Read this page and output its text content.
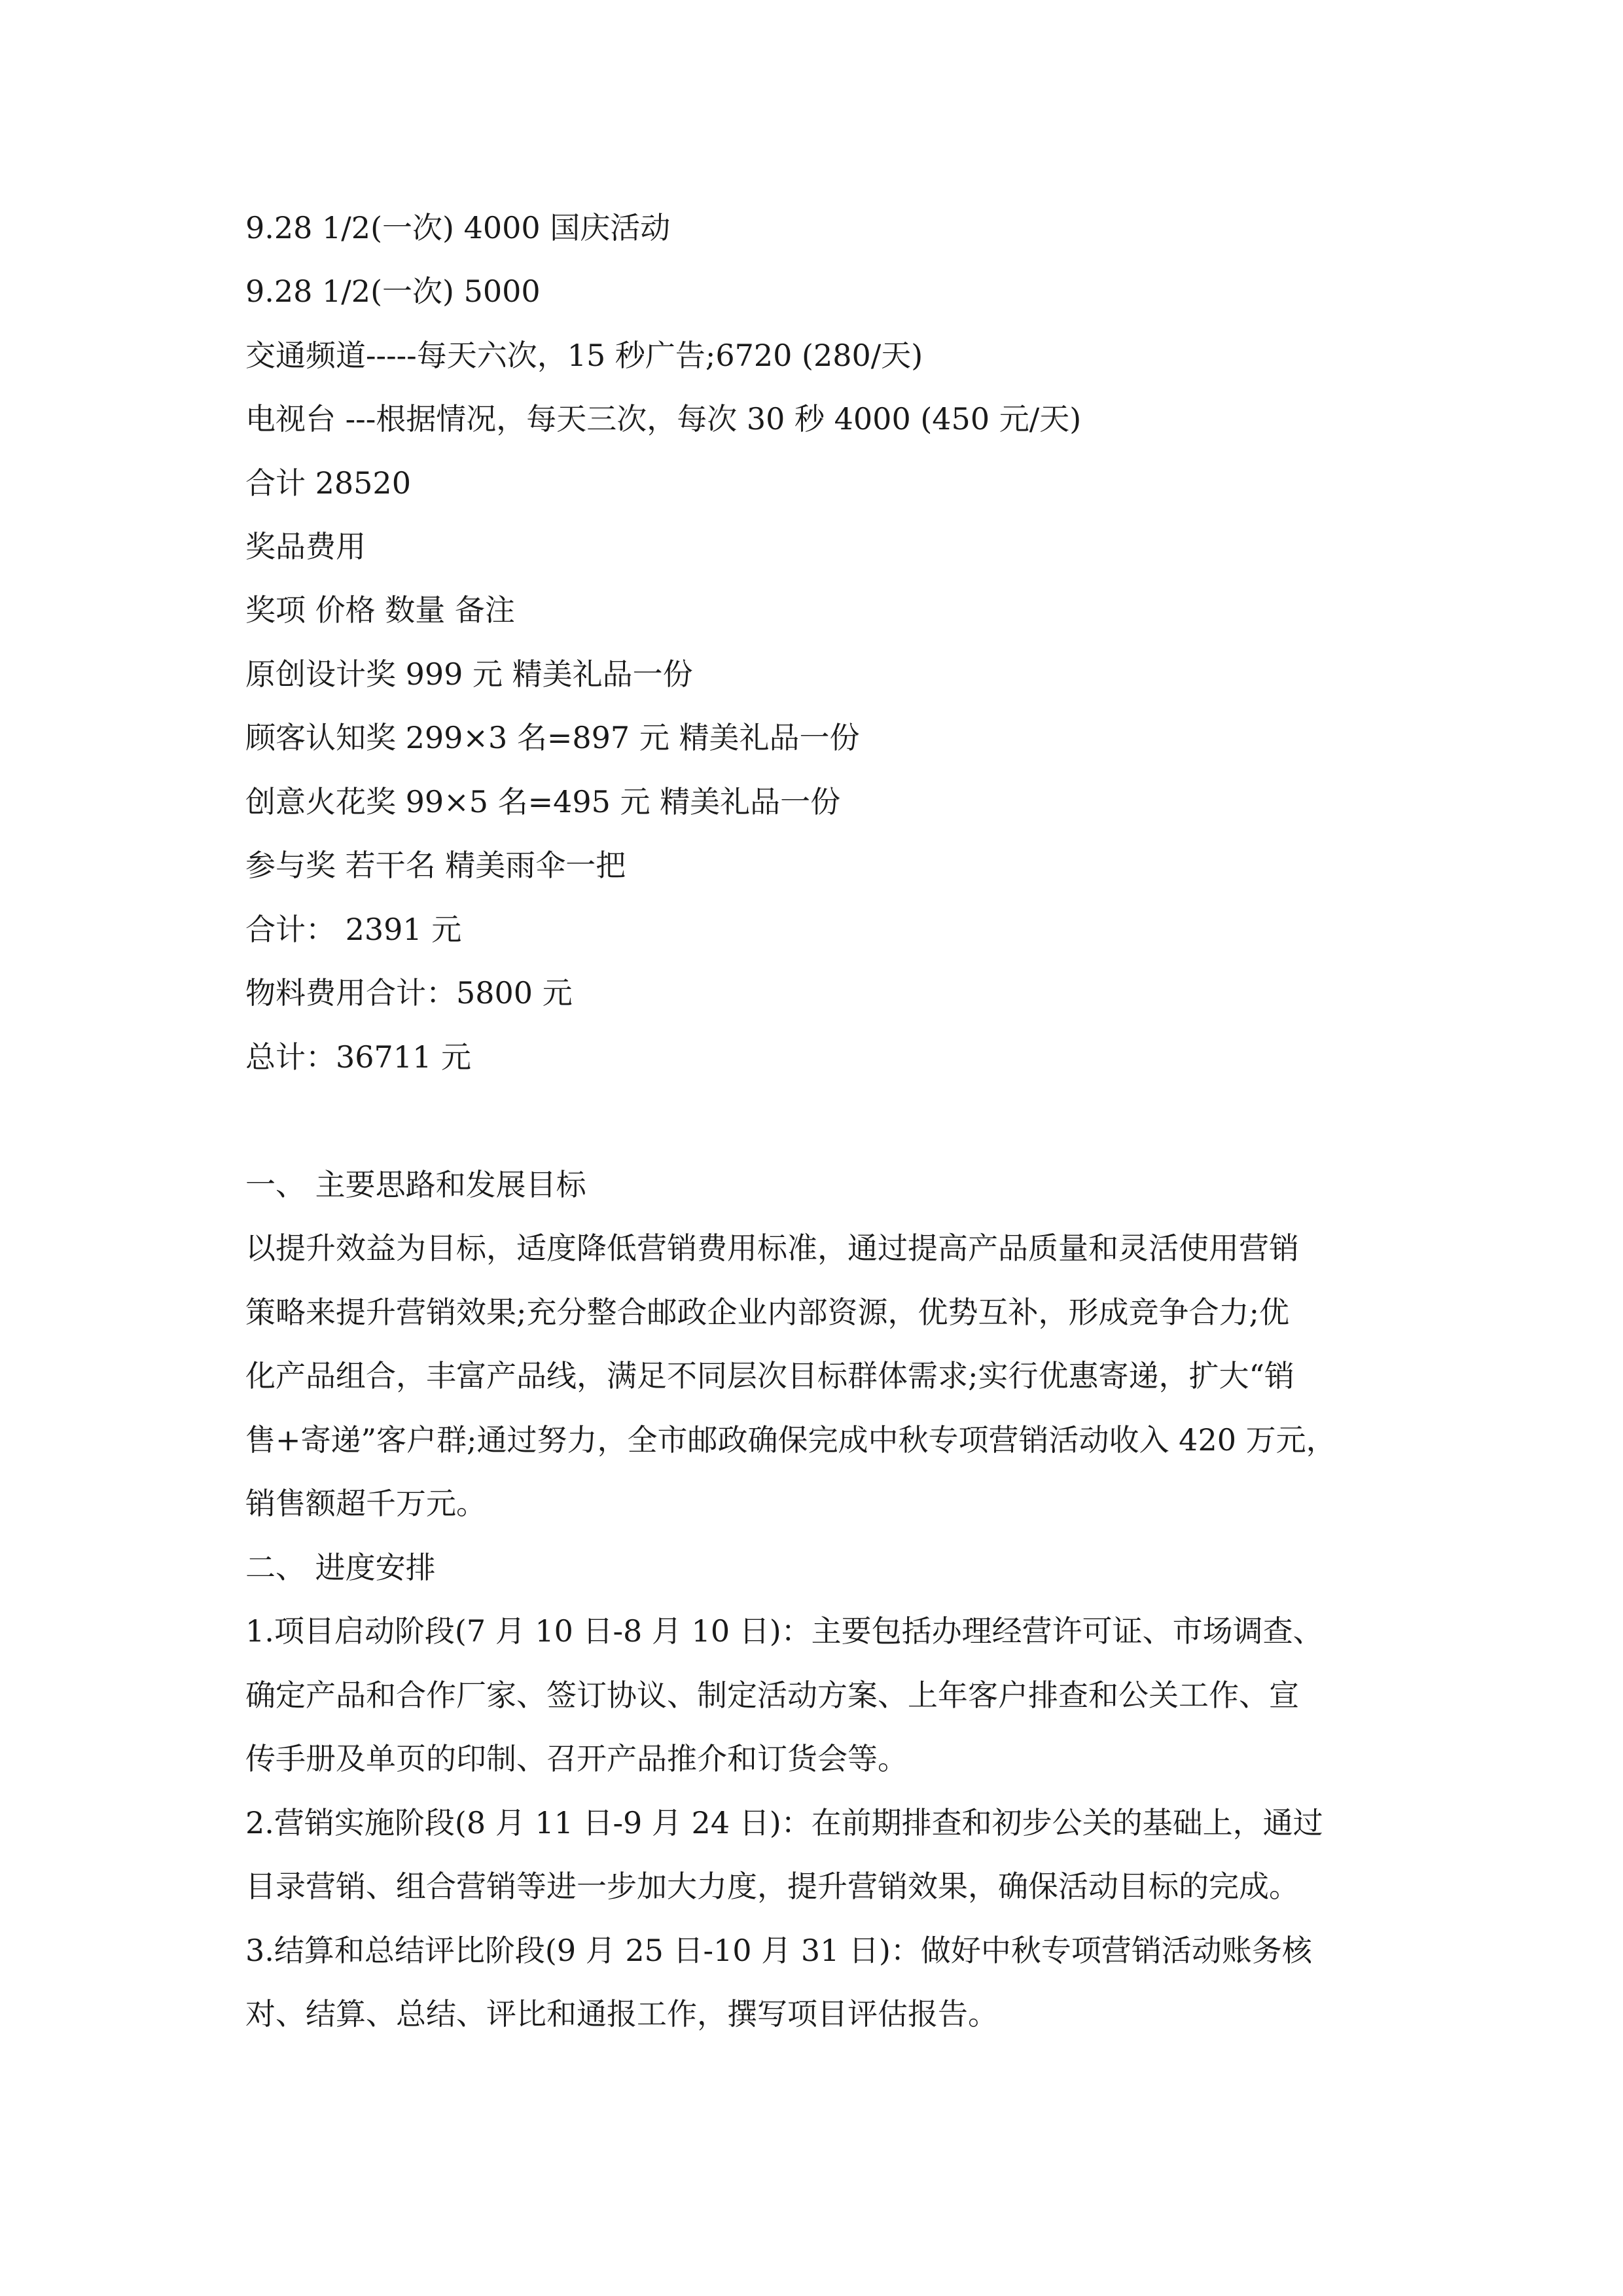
9.28 1/2(一次) 4000 国庆活动
9.28 1/2(一次) 5000
交通频道-----每天六次，15 秒广告;6720 (280/天)
电视台 ---根据情况，每天三次，每次 30 秒 4000 (450 元/天)
合计 28520
奖品费用
奖项 价格 数量 备注
原创设计奖 999 元 精美礼品一份
顾客认知奖 299×3 名=897 元 精美礼品一份
创意火花奖 99×5 名=495 元 精美礼品一份
参与奖 若干名 精美雨伞一把
合计： 2391 元
物料费用合计：5800 元
总计：36711 元
一、 主要思路和发展目标
以提升效益为目标，适度降低营销费用标准，通过提高产品质量和灵活使用营销
策略来提升营销效果;充分整合邮政企业内部资源，优势互补，形成竞争合力;优
化产品组合，丰富产品线，满足不同层次目标群体需求;实行优惠寄递，扩大“销
售+寄递”客户群;通过努力，全市邮政确保完成中秋专项营销活动收入 420 万元，
销售额超千万元。
二、 进度安排
1.项目启动阶段(7 月 10 日-8 月 10 日)：主要包括办理经营许可证、市场调查、
确定产品和合作厂家、签订协议、制定活动方案、上年客户排查和公关工作、宣
传手册及单页的印制、召开产品推介和订货会等。
2.营销实施阶段(8 月 11 日-9 月 24 日)：在前期排查和初步公关的基础上，通过
目录营销、组合营销等进一步加大力度，提升营销效果，确保活动目标的完成。
3.结算和总结评比阶段(9 月 25 日-10 月 31 日)：做好中秋专项营销活动账务核
对、结算、总结、评比和通报工作，撰写项目评估报告。
